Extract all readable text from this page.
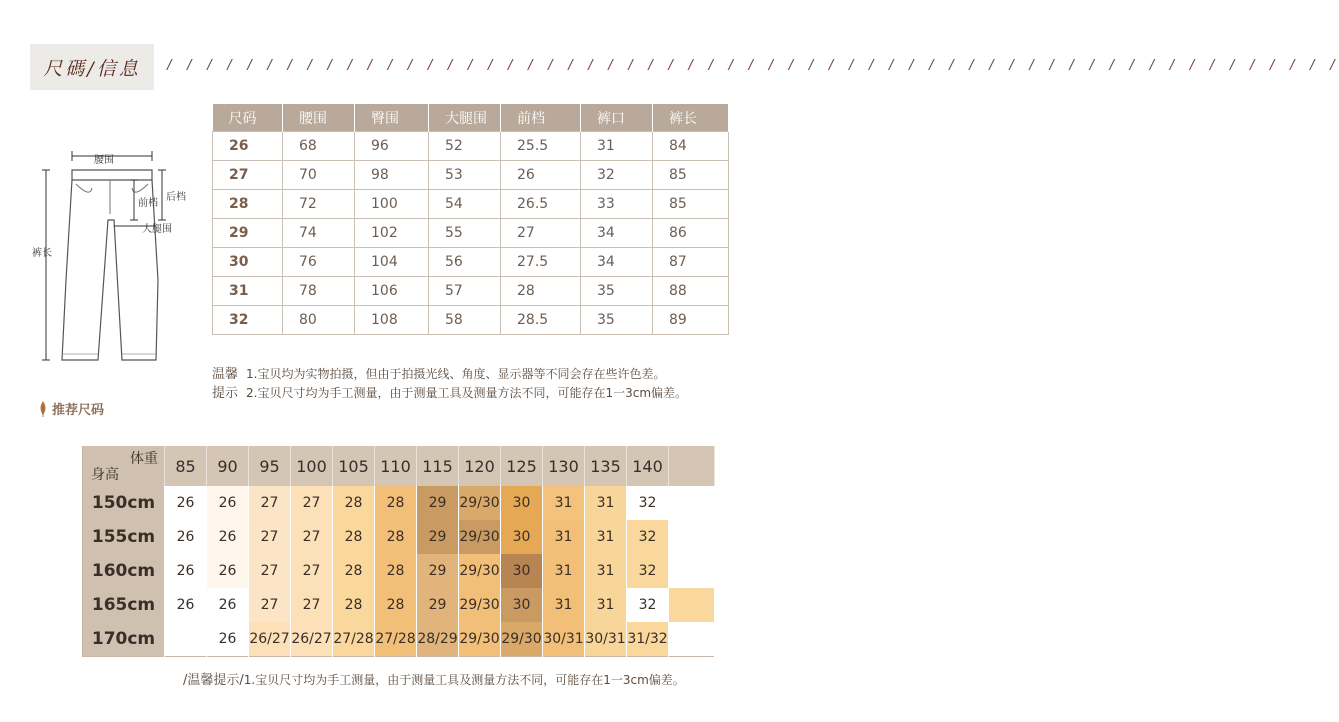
尺碼/信息	/ / / / / / / / / / / / / / / / / / / / / / / / / / / / / / / / / / / / / / / / / / / / / / / / / / / / / / / / / / /
腰围
前档
后档
大腿围
裤长
尺码	腰围	臀围	大腿围	前档	裤口	裤长
26	68	96	52	25.5	31	84
27	70	98	53	26	32	85
28	72	100	54	26.5	33	85
29	74	102	55	27	34	86
30	76	104	56	27.5	34	87
31	78	106	57	28	35	88
32	80	108	58	28.5	35	89
温馨 1.宝贝均为实物拍摄，但由于拍摄光线、角度、显示器等不同会存在些许色差。
提示 2.宝贝尺寸均为手工测量，由于测量工具及测量方法不同，可能存在1一3cm偏差。
推荐尺码
体重
身高	85	90	95	100	105	110	115	120	125	130	135	140	
150cm	26	26	27	27	28	28	29	29/30	30	31	31	32	
155cm	26	26	27	27	28	28	29	29/30	30	31	31	32	
160cm	26	26	27	27	28	28	29	29/30	30	31	31	32	
165cm	26	26	27	27	28	28	29	29/30	30	31	31	32	
170cm		26	26/27	26/27	27/28	27/28	28/29	29/30	29/30	30/31	30/31	31/32	
/温馨提示/1.宝贝尺寸均为手工测量，由于测量工具及测量方法不同，可能存在1一3cm偏差。
